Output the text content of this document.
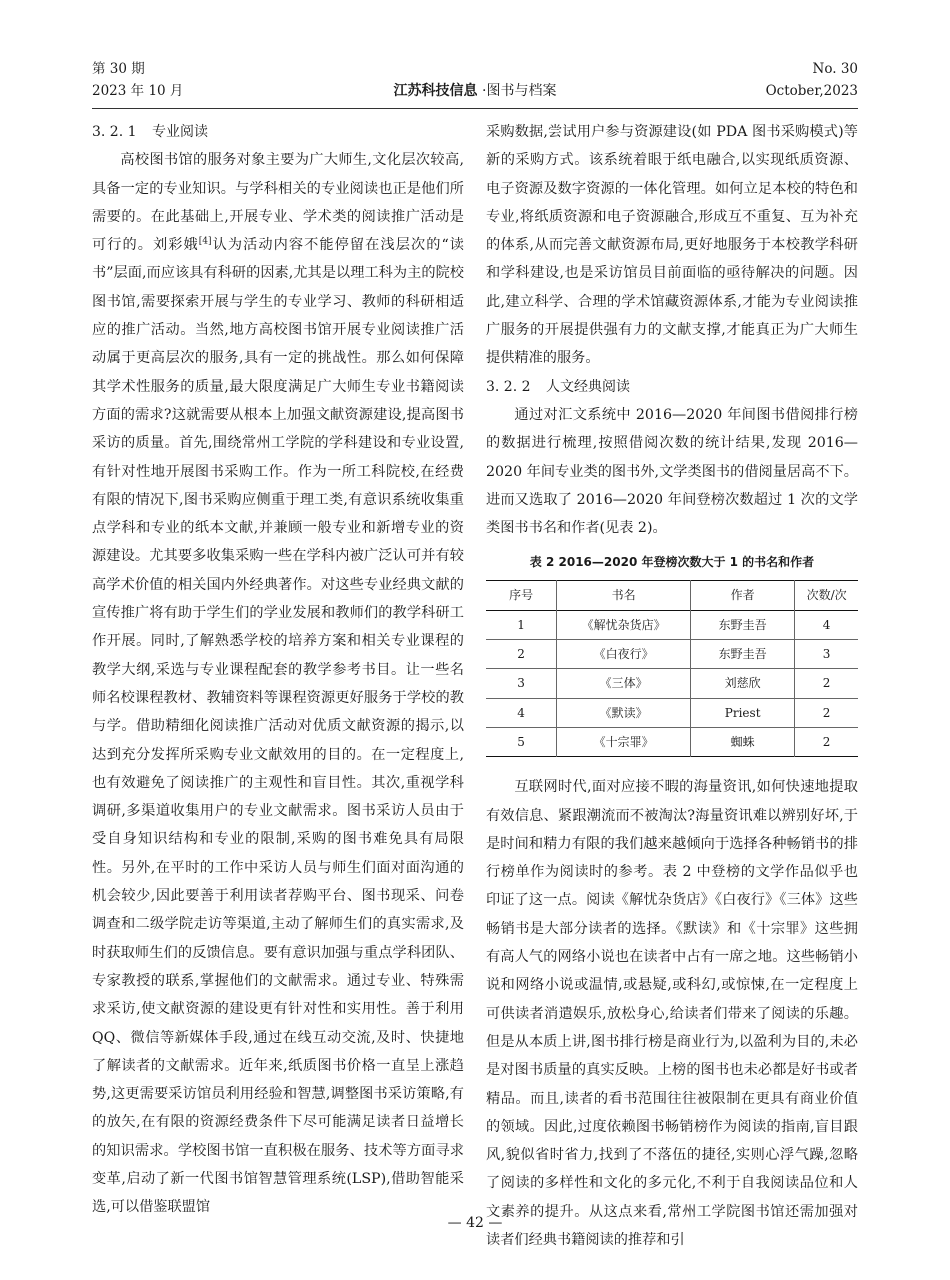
第 30 期
2023 年 10 月	江苏科技信息 ·图书与档案
No. 30
October,2023
3. 2. 1 专业阅读

高校图书馆的服务对象主要为广大师生,文化层次较高,具备一定的专业知识。与学科相关的专业阅读也正是他们所需要的。在此基础上,开展专业、学术类的阅读推广活动是可行的。刘彩娥[4]认为活动内容不能停留在浅层次的“读书”层面,而应该具有科研的因素,尤其是以理工科为主的院校图书馆,需要探索开展与学生的专业学习、教师的科研相适应的推广活动。当然,地方高校图书馆开展专业阅读推广活动属于更高层次的服务,具有一定的挑战性。那么如何保障其学术性服务的质量,最大限度满足广大师生专业书籍阅读方面的需求?这就需要从根本上加强文献资源建设,提高图书采访的质量。首先,围绕常州工学院的学科建设和专业设置,有针对性地开展图书采购工作。作为一所工科院校,在经费有限的情况下,图书采购应侧重于理工类,有意识系统收集重点学科和专业的纸本文献,并兼顾一般专业和新增专业的资源建设。尤其要多收集采购一些在学科内被广泛认可并有较高学术价值的相关国内外经典著作。对这些专业经典文献的宣传推广将有助于学生们的学业发展和教师们的教学科研工作开展。同时,了解熟悉学校的培养方案和相关专业课程的教学大纲,采选与专业课程配套的教学参考书目。让一些名师名校课程教材、教辅资料等课程资源更好服务于学校的教与学。借助精细化阅读推广活动对优质文献资源的揭示,以达到充分发挥所采购专业文献效用的目的。在一定程度上,也有效避免了阅读推广的主观性和盲目性。其次,重视学科调研,多渠道收集用户的专业文献需求。图书采访人员由于受自身知识结构和专业的限制,采购的图书难免具有局限性。另外,在平时的工作中采访人员与师生们面对面沟通的机会较少,因此要善于利用读者荐购平台、图书现采、问卷调查和二级学院走访等渠道,主动了解师生们的真实需求,及时获取师生们的反馈信息。要有意识加强与重点学科团队、专家教授的联系,掌握他们的文献需求。通过专业、特殊需求采访,使文献资源的建设更有针对性和实用性。善于利用 QQ、微信等新媒体手段,通过在线互动交流,及时、快捷地了解读者的文献需求。近年来,纸质图书价格一直呈上涨趋势,这更需要采访馆员利用经验和智慧,调整图书采访策略,有的放矢,在有限的资源经费条件下尽可能满足读者日益增长的知识需求。学校图书馆一直积极在服务、技术等方面寻求变革,启动了新一代图书馆智慧管理系统(LSP),借助智能采选,可以借鉴联盟馆

采购数据,尝试用户参与资源建设(如 PDA 图书采购模式)等新的采购方式。该系统着眼于纸电融合,以实现纸质资源、电子资源及数字资源的一体化管理。如何立足本校的特色和专业,将纸质资源和电子资源融合,形成互不重复、互为补充的体系,从而完善文献资源布局,更好地服务于本校教学科研和学科建设,也是采访馆员目前面临的亟待解决的问题。因此,建立科学、合理的学术馆藏资源体系,才能为专业阅读推广服务的开展提供强有力的文献支撑,才能真正为广大师生提供精准的服务。

3. 2. 2 人文经典阅读

通过对汇文系统中 2016—2020 年间图书借阅排行榜的数据进行梳理,按照借阅次数的统计结果,发现 2016—2020 年间专业类的图书外,文学类图书的借阅量居高不下。进而又选取了 2016—2020 年间登榜次数超过 1 次的文学类图书书名和作者(见表 2)。

表 2 2016—2020 年登榜次数大于 1 的书名和作者
序号	书名	作者	次数/次
1	《解忧杂货店》	东野圭吾	4
2	《白夜行》	东野圭吾	3
3	《三体》	刘慈欣	2
4	《默读》	Priest	2
5	《十宗罪》	蜘蛛	2

互联网时代,面对应接不暇的海量资讯,如何快速地提取有效信息、紧跟潮流而不被淘汰?海量资讯难以辨别好坏,于是时间和精力有限的我们越来越倾向于选择各种畅销书的排行榜单作为阅读时的参考。表 2 中登榜的文学作品似乎也印证了这一点。阅读《解忧杂货店》《白夜行》《三体》这些畅销书是大部分读者的选择。《默读》和《十宗罪》这些拥有高人气的网络小说也在读者中占有一席之地。这些畅销小说和网络小说或温情,或悬疑,或科幻,或惊悚,在一定程度上可供读者消遣娱乐,放松身心,给读者们带来了阅读的乐趣。但是从本质上讲,图书排行榜是商业行为,以盈利为目的,未必是对图书质量的真实反映。上榜的图书也未必都是好书或者精品。而且,读者的看书范围往往被限制在更具有商业价值的领域。因此,过度依赖图书畅销榜作为阅读的指南,盲目跟风,貌似省时省力,找到了不落伍的捷径,实则心浮气躁,忽略了阅读的多样性和文化的多元化,不利于自我阅读品位和人文素养的提升。从这点来看,常州工学院图书馆还需加强对读者们经典书籍阅读的推荐和引

— 42 —
